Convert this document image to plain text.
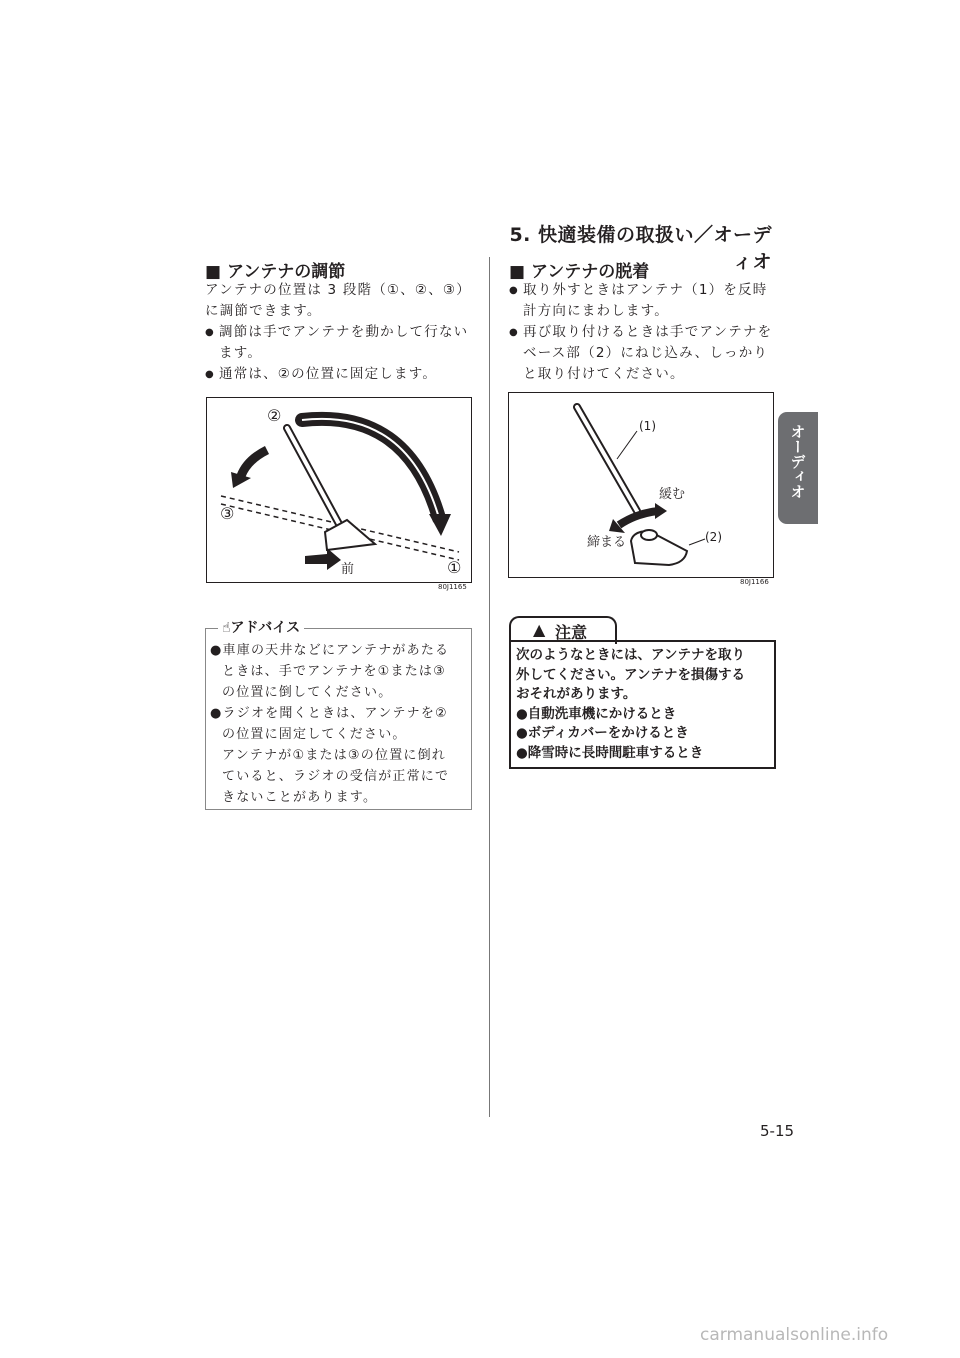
5. 快適装備の取扱い／オーディオ
オーディオ
■ アンテナの調節
アンテナの位置は 3 段階（①、②、③）
に調節できます。
● 調節は手でアンテナを動かして行ない
ます。
● 通常は、②の位置に固定します。
②
③
①
前
80J1165
☝アドバイス
●車庫の天井などにアンテナがあたる
ときは、手でアンテナを①または③
の位置に倒してください。
●ラジオを聞くときは、アンテナを②
の位置に固定してください。
アンテナが①または③の位置に倒れ
ていると、ラジオの受信が正常にで
きないことがあります。
■ アンテナの脱着
● 取り外すときはアンテナ（1）を反時
計方向にまわします。
● 再び取り付けるときは手でアンテナを
ベース部（2）にねじ込み、しっかり
と取り付けてください。
(1)
(2)
緩む
締まる
80J1166
▲ 注意
次のようなときには、アンテナを取り
外してください。アンテナを損傷する
おそれがあります。
●自動洗車機にかけるとき
●ボディカバーをかけるとき
●降雪時に長時間駐車するとき
5-15
carmanualsonline.info
